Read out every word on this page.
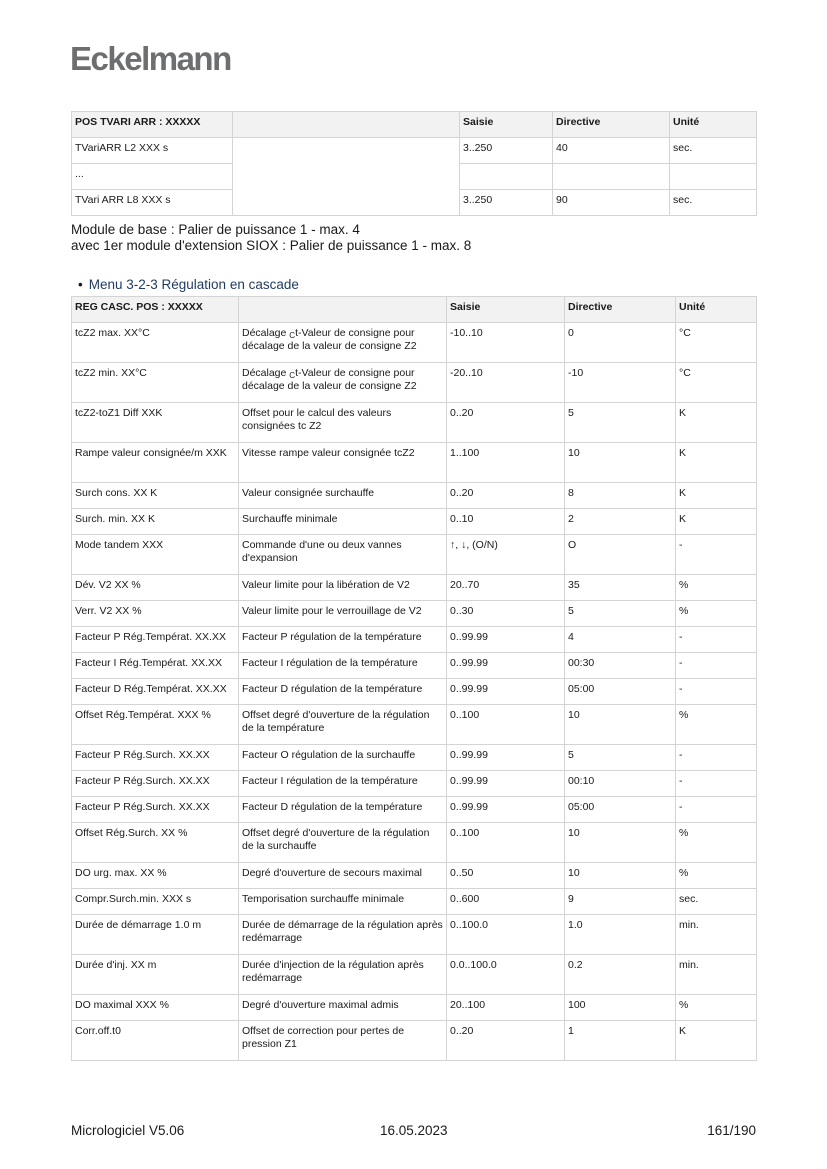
Eckelmann
POS TVARI ARR : XXXXX		Saisie	Directive	Unité
TVariARR L2 XXX s		3..250	40	sec.
...				
TVari ARR L8 XXX s		3..250	90	sec.

Module de base : Palier de puissance 1 - max. 4

avec 1er module d'extension SIOX : Palier de puissance 1 - max. 8

• Menu 3-2-3 Régulation en cascade
REG CASC. POS : XXXXX		Saisie	Directive	Unité
tcZ2 max. XX°C	Décalage $_C$t-Valeur de consigne pour décalage de la valeur de consigne Z2	-10..10	0	°C
tcZ2 min. XX°C	Décalage $_C$t-Valeur de consigne pour décalage de la valeur de consigne Z2	-20..10	-10	°C
tcZ2-toZ1 Diff XXK	Offset pour le calcul des valeurs consignées tc Z2	0..20	5	K
Rampe valeur consignée/m XXK	Vitesse rampe valeur consignée tcZ2	1..100	10	K
Surch cons. XX K	Valeur consignée surchauffe	0..20	8	K
Surch. min. XX K	Surchauffe minimale	0..10	2	K
Mode tandem XXX	Commande d'une ou deux vannes d'expansion	↑, ↓, (O/N)	O	-
Dév. V2 XX %	Valeur limite pour la libération de V2	20..70	35	%
Verr. V2 XX %	Valeur limite pour le verrouillage de V2	0..30	5	%
Facteur P Rég.Températ. XX.XX	Facteur P régulation de la température	0..99.99	4	-
Facteur I Rég.Températ. XX.XX	Facteur I régulation de la température	0..99.99	00:30	-
Facteur D Rég.Températ. XX.XX	Facteur D régulation de la température	0..99.99	05:00	-
Offset Rég.Températ. XXX %	Offset degré d'ouverture de la régulation de la température	0..100	10	%
Facteur P Rég.Surch. XX.XX	Facteur O régulation de la surchauffe	0..99.99	5	-
Facteur P Rég.Surch. XX.XX	Facteur I régulation de la température	0..99.99	00:10	-
Facteur P Rég.Surch. XX.XX	Facteur D régulation de la température	0..99.99	05:00	-
Offset Rég.Surch. XX %	Offset degré d'ouverture de la régulation de la surchauffe	0..100	10	%
DO urg. max. XX %	Degré d'ouverture de secours maximal	0..50	10	%
Compr.Surch.min. XXX s	Temporisation surchauffe minimale	0..600	9	sec.
Durée de démarrage 1.0 m	Durée de démarrage de la régulation après redémarrage	0..100.0	1.0	min.
Durée d'inj. XX m	Durée d'injection de la régulation après redémarrage	0.0..100.0	0.2	min.
DO maximal XXX %	Degré d'ouverture maximal admis	20..100	100	%
Corr.off.t0	Offset de correction pour pertes de pression Z1	0..20	1	K
Micrologiciel V5.06	16.05.2023	161/190
